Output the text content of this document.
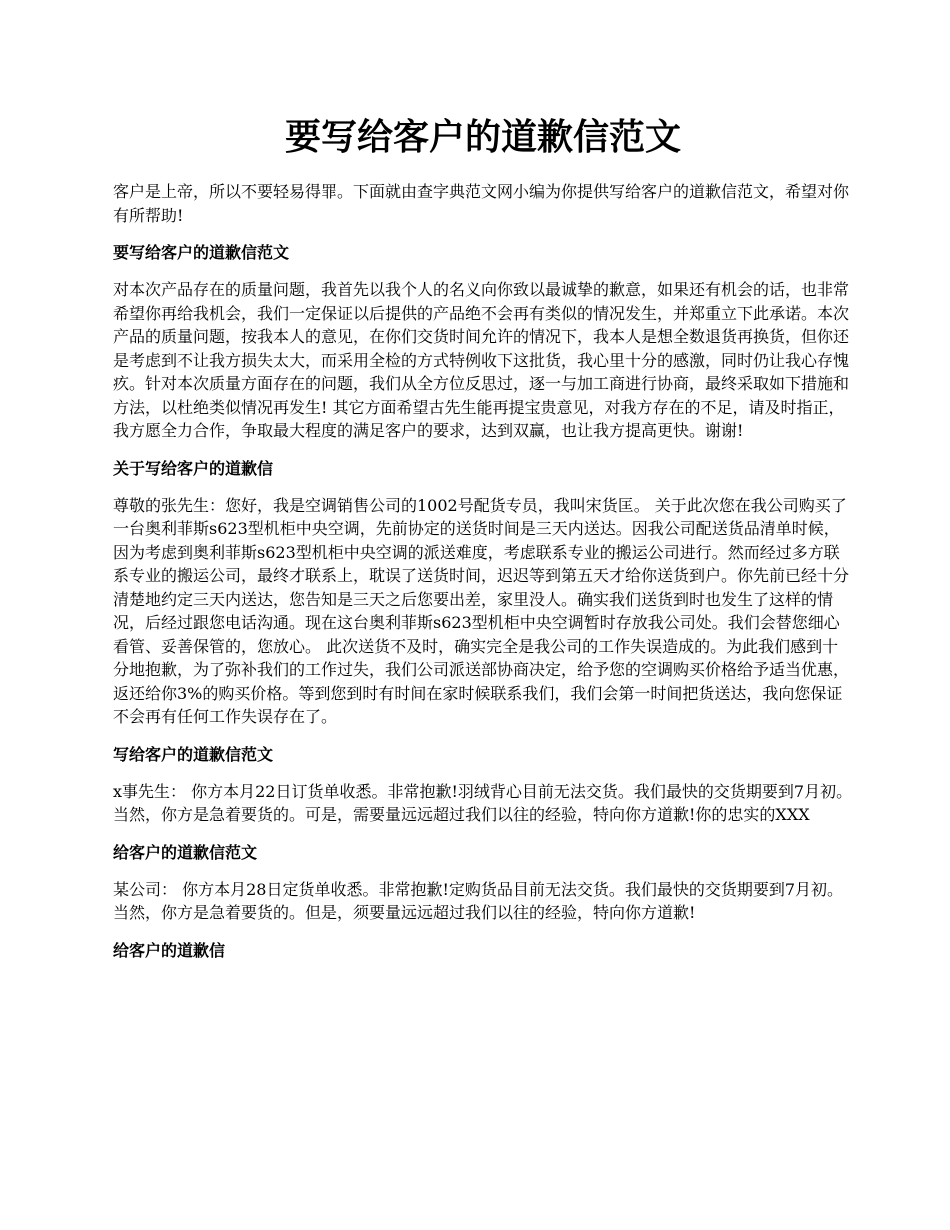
要写给客户的道歉信范文

客户是上帝，所以不要轻易得罪。下面就由查字典范文网小编为你提供写给客户的道歉信范文，希望对你有所帮助!

要写给客户的道歉信范文

对本次产品存在的质量问题，我首先以我个人的名义向你致以最诚挚的歉意，如果还有机会的话，也非常希望你再给我机会，我们一定保证以后提供的产品绝不会再有类似的情况发生，并郑重立下此承诺。本次产品的质量问题，按我本人的意见，在你们交货时间允许的情况下，我本人是想全数退货再换货，但你还是考虑到不让我方损失太大，而采用全检的方式特例收下这批货，我心里十分的感激，同时仍让我心存愧疚。针对本次质量方面存在的问题，我们从全方位反思过，逐一与加工商进行协商，最终采取如下措施和方法，以杜绝类似情况再发生! 其它方面希望古先生能再提宝贵意见，对我方存在的不足，请及时指正，我方愿全力合作，争取最大程度的满足客户的要求，达到双赢，也让我方提高更快。谢谢!

关于写给客户的道歉信

尊敬的张先生：您好，我是空调销售公司的1002号配货专员，我叫宋货匡。 关于此次您在我公司购买了一台奥利菲斯s623型机柜中央空调，先前协定的送货时间是三天内送达。因我公司配送货品清单时候，因为考虑到奥利菲斯s623型机柜中央空调的派送难度，考虑联系专业的搬运公司进行。然而经过多方联系专业的搬运公司，最终才联系上，耽误了送货时间，迟迟等到第五天才给你送货到户。你先前已经十分清楚地约定三天内送达，您告知是三天之后您要出差，家里没人。确实我们送货到时也发生了这样的情况，后经过跟您电话沟通。现在这台奥利菲斯s623型机柜中央空调暂时存放我公司处。我们会替您细心看管、妥善保管的，您放心。 此次送货不及时，确实完全是我公司的工作失误造成的。为此我们感到十分地抱歉，为了弥补我们的工作过失，我们公司派送部协商决定，给予您的空调购买价格给予适当优惠，返还给你3%的购买价格。等到您到时有时间在家时候联系我们，我们会第一时间把货送达，我向您保证不会再有任何工作失误存在了。

写给客户的道歉信范文

x事先生： 你方本月22日订货单收悉。非常抱歉!羽绒背心目前无法交货。我们最快的交货期要到7月初。 当然，你方是急着要货的。可是，需要量远远超过我们以往的经验，特向你方道歉!你的忠实的XXX

给客户的道歉信范文

某公司： 你方本月28日定货单收悉。非常抱歉!定购货品目前无法交货。我们最快的交货期要到7月初。当然，你方是急着要货的。但是，须要量远远超过我们以往的经验，特向你方道歉!

给客户的道歉信
